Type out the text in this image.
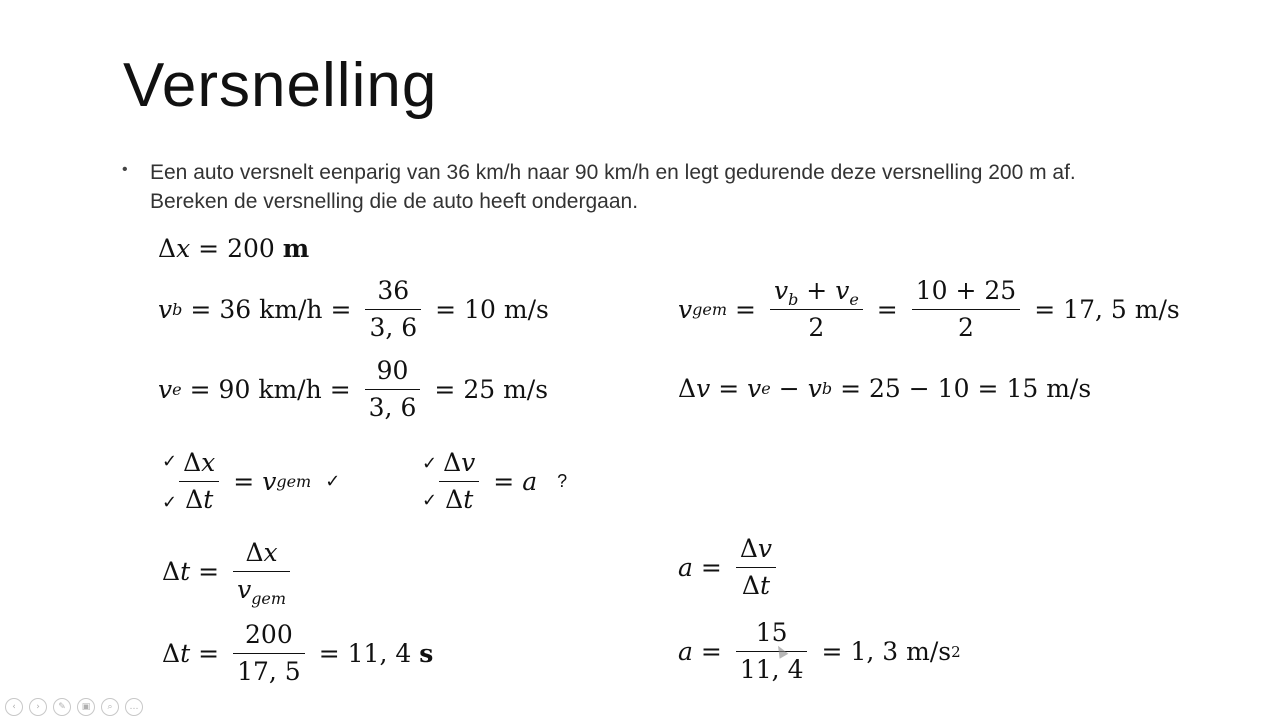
Versnelling
• Een auto versnelt eenparig van 36 km/h naar 90 km/h en legt gedurende deze versnelling 200 m af. Bereken de versnelling die de auto heeft ondergaan.
Δ x = 200
m
v b = 36
$km/h = \frac{36}{3, 6} = 10$
m/s
v e = 90
$km/h = \frac{90}{3, 6} = 25$
m/s
v gem = $\frac{v_b + v_e}{2} = \frac{10 + 25}{2} = 17$, 5
m/s
Δ v = v e − v b = 25 − 10 = 15
m/s
✓
✓ $\frac{\Delta x}{\Delta t} = v$ gem ✓
✓
✓ $\frac{\Delta v}{\Delta t} = a$ ?
Δ $t = \frac{\Delta x}{v_{gem}}$
Δ $t = \frac{200}{17, 5} = 11$, 4
s
$a = \frac{\Delta v}{\Delta t}$
$a = \frac{15}{11, 4} = 1$, 3
m/s 2
‹	›	✎	▣	⌕	…
